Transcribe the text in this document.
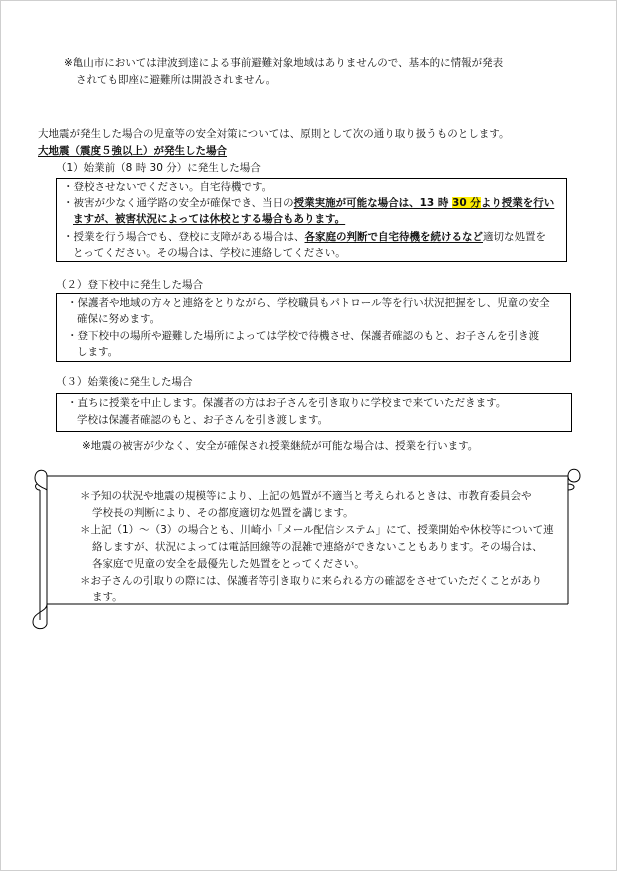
※亀山市においては津波到達による事前避難対象地域はありませんので、基本的に情報が発表
されても即座に避難所は開設されません。
大地震が発生した場合の児童等の安全対策については、原則として次の通り取り扱うものとします。
大地震（震度５強以上）が発生した場合
（1）始業前（8 時 30 分）に発生した場合
・登校させないでください。自宅待機です。
・被害が少なく通学路の安全が確保でき、当日の授業実施が可能な場合は、13 時 30 分より授業を行い
ますが、被害状況によっては休校とする場合もあります。
・授業を行う場合でも、登校に支障がある場合は、各家庭の判断で自宅待機を続けるなど適切な処置を
とってください。その場合は、学校に連絡してください。
（２）登下校中に発生した場合
・保護者や地域の方々と連絡をとりながら、学校職員もパトロール等を行い状況把握をし、児童の安全
確保に努めます。
・登下校中の場所や避難した場所によっては学校で待機させ、保護者確認のもと、お子さんを引き渡
します。
（３）始業後に発生した場合
・直ちに授業を中止します。保護者の方はお子さんを引き取りに学校まで来ていただきます。
学校は保護者確認のもと、お子さんを引き渡します。
※地震の被害が少なく、安全が確保され授業継続が可能な場合は、授業を行います。
＊予知の状況や地震の規模等により、上記の処置が不適当と考えられるときは、市教育委員会や
学校長の判断により、その都度適切な処置を講じます。
＊上記（1）～（3）の場合とも、川崎小「メール配信システム」にて、授業開始や休校等について連
絡しますが、状況によっては電話回線等の混雑で連絡ができないこともあります。その場合は、
各家庭で児童の安全を最優先した処置をとってください。
＊お子さんの引取りの際には、保護者等引き取りに来られる方の確認をさせていただくことがあり
ます。
